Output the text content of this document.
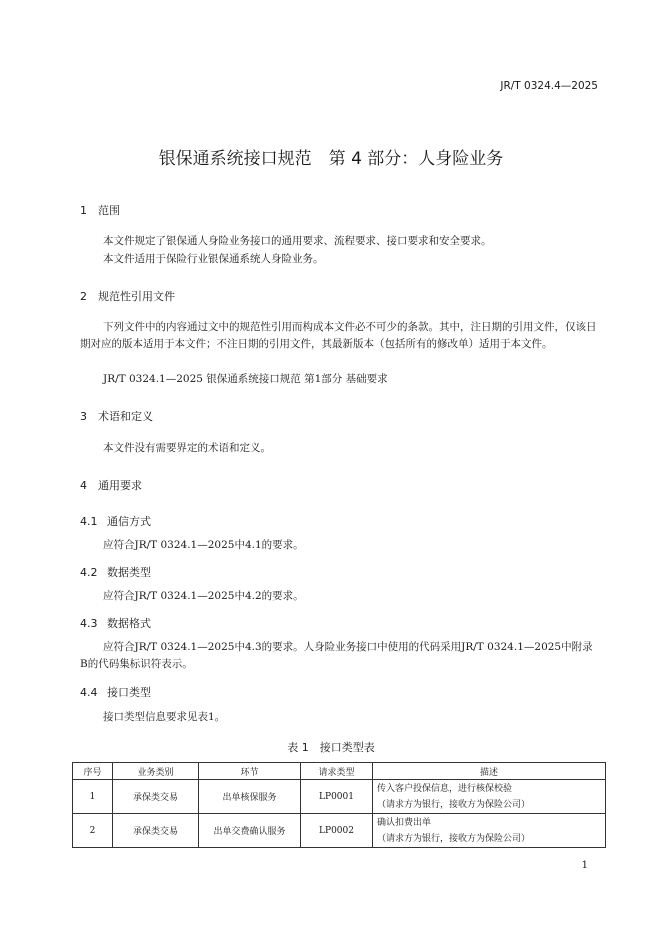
JR/T 0324.4—2025
银保通系统接口规范　第 4 部分：人身险业务
1 范围
本文件规定了银保通人身险业务接口的通用要求、流程要求、接口要求和安全要求。
本文件适用于保险行业银保通系统人身险业务。
2 规范性引用文件
下列文件中的内容通过文中的规范性引用而构成本文件必不可少的条款。其中，注日期的引用文件，仅该日期对应的版本适用于本文件；不注日期的引用文件，其最新版本（包括所有的修改单）适用于本文件。
JR/T 0324.1—2025 银保通系统接口规范 第1部分 基础要求
3 术语和定义
本文件没有需要界定的术语和定义。
4 通用要求
4.1 通信方式
应符合JR/T 0324.1—2025中4.1的要求。
4.2 数据类型
应符合JR/T 0324.1—2025中4.2的要求。
4.3 数据格式
应符合JR/T 0324.1—2025中4.3的要求。人身险业务接口中使用的代码采用JR/T 0324.1—2025中附录B的代码集标识符表示。
4.4 接口类型
接口类型信息要求见表1。
表 1　接口类型表
序号	业务类别	环节	请求类型	描述
1	承保类交易	出单核保服务	LP0001	传入客户投保信息，进行核保校验
（请求方为银行，接收方为保险公司）

2	承保类交易	出单交费确认服务	LP0002	确认扣费出单
（请求方为银行，接收方为保险公司）
1
